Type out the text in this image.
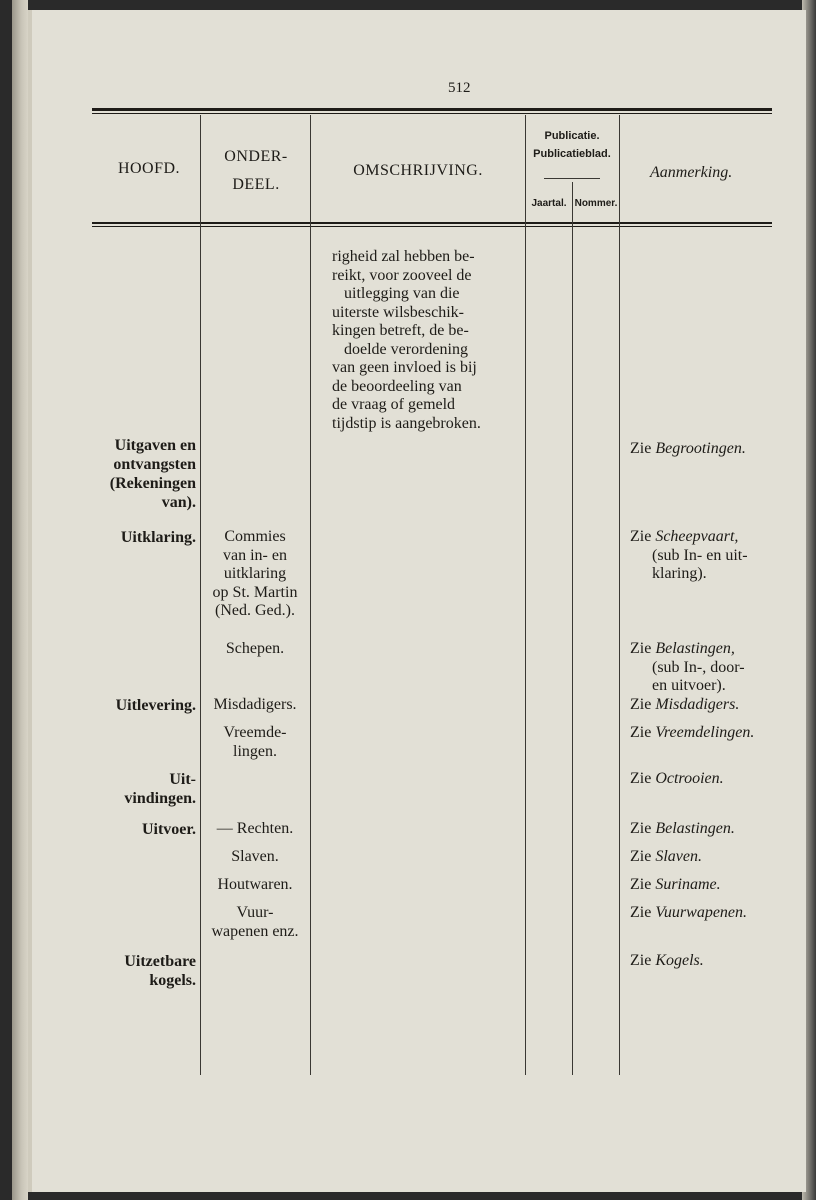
512
HOOFD.
ONDER-
DEEL.
OMSCHRIJVING.
Publicatie.
Publicatieblad.
Jaartal. Nommer.
Aanmerking.
righeid zal hebben be-
reikt, voor zooveel de
uitlegging van die
uiterste wilsbeschik-
kingen betreft, de be-
doelde verordening
van geen invloed is bij
de beoordeeling van
de vraag of gemeld
tijdstip is aangebroken.
Uitgaven en
ontvangsten
(Rekeningen
van).
Uitklaring.
Uitlevering.
Uit-
vindingen.
Uitvoer.
Uitzetbare
kogels.
Commies
van in- en
uitklaring
op St. Martin
(Ned. Ged.).
Schepen.
Misdadigers.
Vreemde-
lingen.
— Rechten.
Slaven.
Houtwaren.
Vuur-
wapenen enz.
Zie Begrootingen.
Zie Scheepvaart,
(sub In- en uit-
klaring).
Zie Belastingen,
(sub In-, door-
en uitvoer).
Zie Misdadigers.
Zie Vreemdelingen.
Zie Octrooien.
Zie Belastingen.
Zie Slaven.
Zie Suriname.
Zie Vuurwapenen.
Zie Kogels.
